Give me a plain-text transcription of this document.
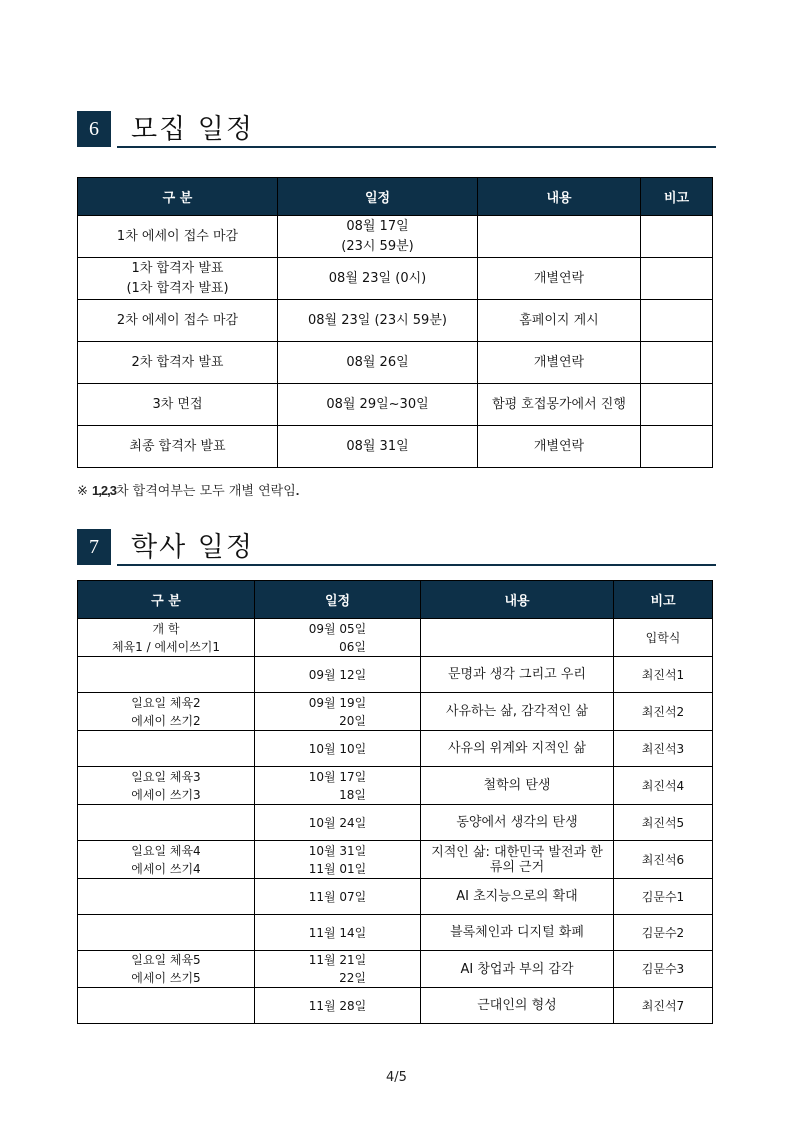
6	모집 일정
구 분	일정	내용	비고

1차 에세이 접수 마감	08월 17일
(23시 59분)		

1차 합격자 발표
(1차 합격자 발표)	08월 23일 (0시)	개별연락	

2차 에세이 접수 마감	08월 23일 (23시 59분)	홈페이지 게시	

2차 합격자 발표	08월 26일	개별연락	

3차 면접	08월 29일~30일	함평 호접몽가에서 진행	

최종 합격자 발표	08월 31일	개별연락	
※ 1,2,3차 합격여부는 모두 개별 연락임.
7	학사 일정
구 분	일정	내용	비고

개 학
체육1 / 에세이쓰기1	09월 05일
06일		입학식

	09월 12일	문명과 생각 그리고 우리	최진석1

일요일 체육2
에세이 쓰기2	09월 19일
20일	사유하는 삶, 감각적인 삶	최진석2

	10월 10일	사유의 위계와 지적인 삶	최진석3

일요일 체육3
에세이 쓰기3	10월 17일
18일	철학의 탄생	최진석4

	10월 24일	동양에서 생각의 탄생	최진석5

일요일 체육4
에세이 쓰기4	10월 31일
11월 01일	지적인 삶: 대한민국 발전과 한 류의 근거	최진석6

	11월 07일	AI 초지능으로의 확대	김문수1

	11월 14일	블록체인과 디지털 화폐	김문수2

일요일 체육5
에세이 쓰기5	11월 21일
22일	AI 창업과 부의 감각	김문수3

	11월 28일	근대인의 형성	최진석7
4/5
